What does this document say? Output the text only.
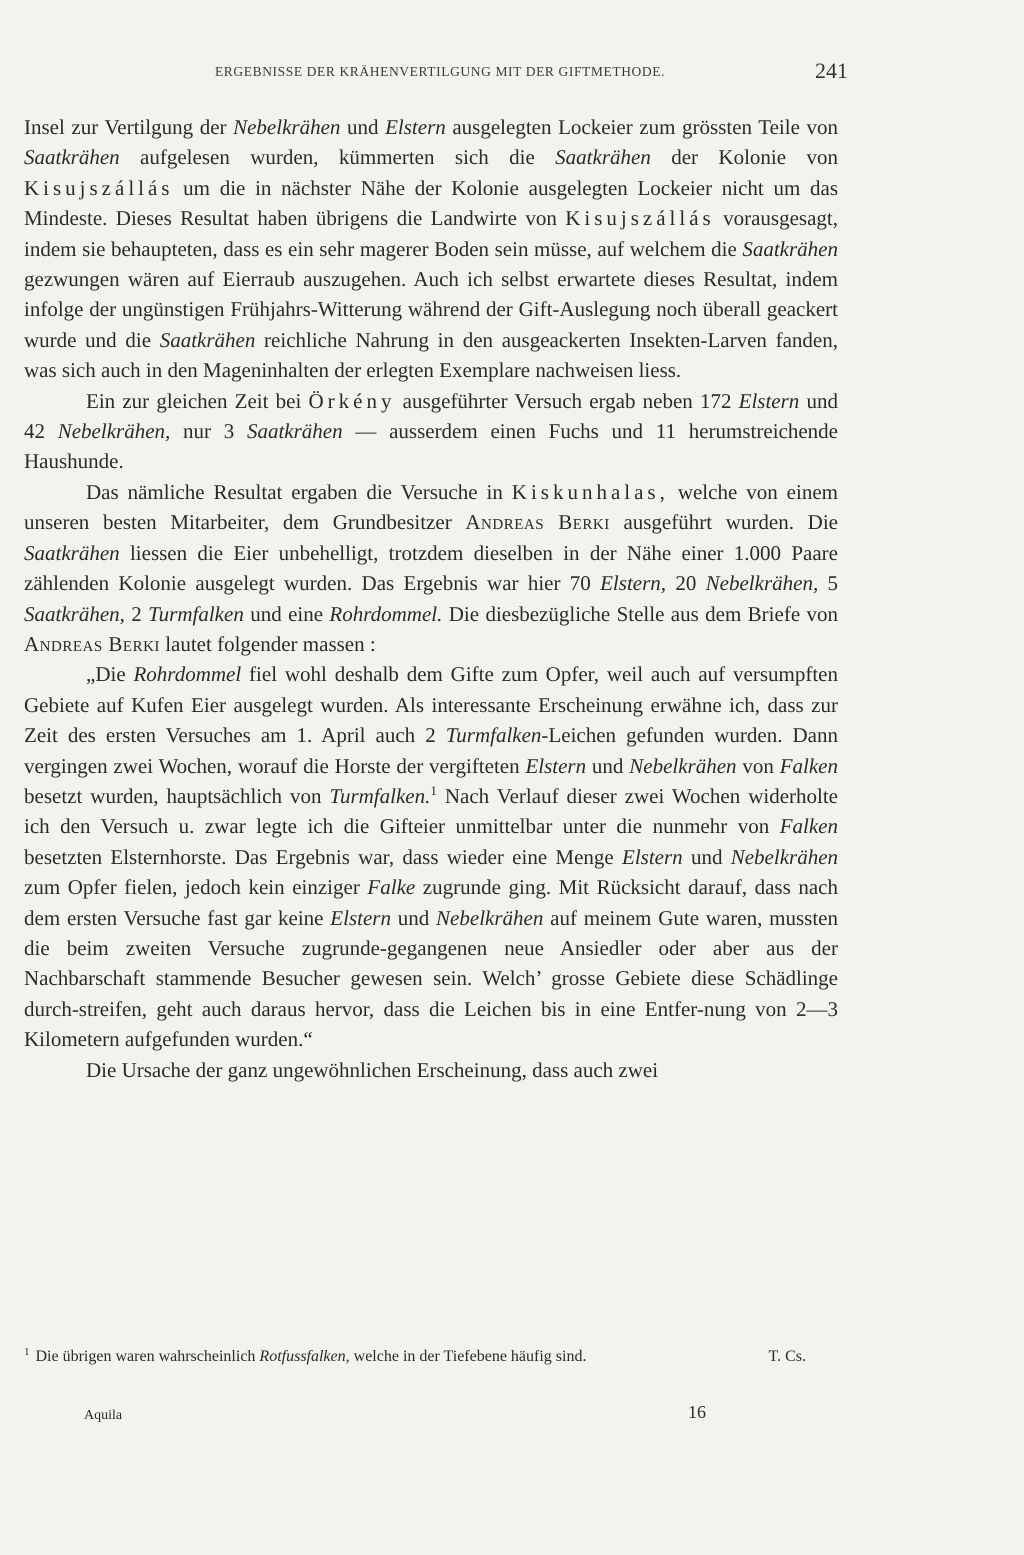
ERGEBNISSE DER KRÄHENVERTILGUNG MIT DER GIFTMETHODE.	241

Insel zur Vertilgung der Nebelkrähen und Elstern ausgelegten Lockeier zum grössten Teile von Saatkrähen aufgelesen wurden, kümmerten sich die Saatkrähen der Kolonie von Kisujszállás um die in nächster Nähe der Kolonie ausgelegten Lockeier nicht um das Mindeste. Dieses Resultat haben übrigens die Landwirte von Kisujszállás vorausgesagt, indem sie behaupteten, dass es ein sehr magerer Boden sein müsse, auf welchem die Saatkrähen gezwungen wären auf Eierraub auszugehen. Auch ich selbst erwartete dieses Resultat, indem infolge der ungünstigen Frühjahrs-Witterung während der Gift-Auslegung noch überall geackert wurde und die Saatkrähen reichliche Nahrung in den ausgeackerten Insekten-Larven fanden, was sich auch in den Mageninhalten der erlegten Exemplare nachweisen liess.

Ein zur gleichen Zeit bei Örkény ausgeführter Versuch ergab neben 172 Elstern und 42 Nebelkrähen, nur 3 Saatkrähen — ausserdem einen Fuchs und 11 herumstreichende Haushunde.

Das nämliche Resultat ergaben die Versuche in Kiskunhalas, welche von einem unseren besten Mitarbeiter, dem Grundbesitzer Andreas Berki ausgeführt wurden. Die Saatkrähen liessen die Eier unbehelligt, trotzdem dieselben in der Nähe einer 1.000 Paare zählenden Kolonie ausgelegt wurden. Das Ergebnis war hier 70 Elstern, 20 Nebelkrähen, 5 Saatkrähen, 2 Turmfalken und eine Rohrdommel. Die diesbezügliche Stelle aus dem Briefe von Andreas Berki lautet folgender massen :

„Die Rohrdommel fiel wohl deshalb dem Gifte zum Opfer, weil auch auf versumpften Gebiete auf Kufen Eier ausgelegt wurden. Als interessante Erscheinung erwähne ich, dass zur Zeit des ersten Versuches am 1. April auch 2 Turmfalken-Leichen gefunden wurden. Dann vergingen zwei Wochen, worauf die Horste der vergifteten Elstern und Nebelkrähen von Falken besetzt wurden, hauptsächlich von Turmfalken.$^1$ Nach Verlauf dieser zwei Wochen widerholte ich den Versuch u. zwar legte ich die Gifteier unmittelbar unter die nunmehr von Falken besetzten Elsternhorste. Das Ergebnis war, dass wieder eine Menge Elstern und Nebelkrähen zum Opfer fielen, jedoch kein einziger Falke zugrunde ging. Mit Rücksicht darauf, dass nach dem ersten Versuche fast gar keine Elstern und Nebelkrähen auf meinem Gute waren, mussten die beim zweiten Versuche zugrunde-gegangenen neue Ansiedler oder aber aus der Nachbarschaft stammende Besucher gewesen sein. Welch’ grosse Gebiete diese Schädlinge durch-streifen, geht auch daraus hervor, dass die Leichen bis in eine Entfer-nung von 2—3 Kilometern aufgefunden wurden.“

Die Ursache der ganz ungewöhnlichen Erscheinung, dass auch zwei

$^1$ Die übrigen waren wahrscheinlich Rotfussfalken, welche in der Tiefebene häufig sind.	T. Cs.
Aquila	16
